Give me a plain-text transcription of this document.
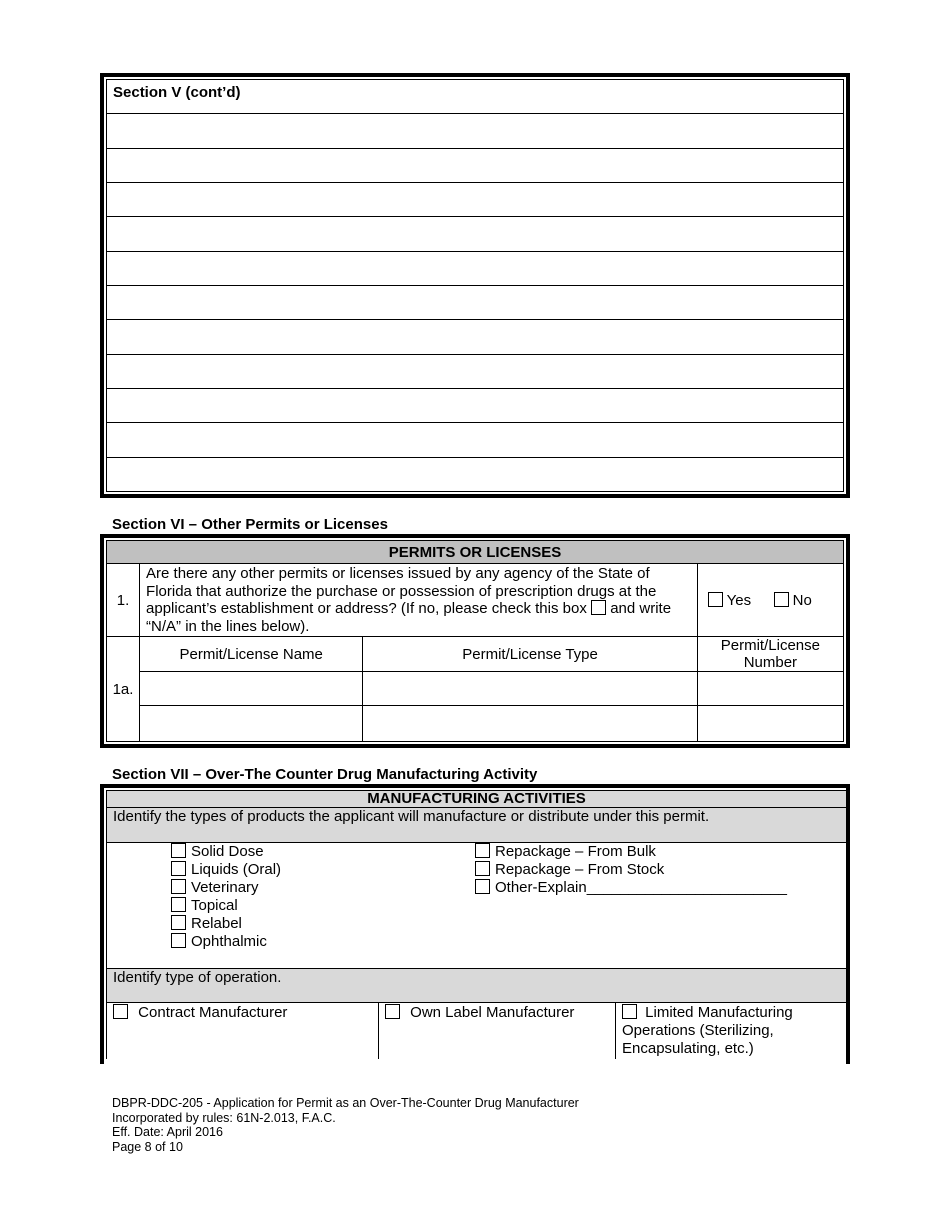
Section V (cont’d)
Section VI – Other Permits or Licenses
PERMITS OR LICENSES			
1.	Are there any other permits or licenses issued by any agency of the State of Florida that authorize the purchase or possession of prescription drugs at the applicant’s establishment or address? (If no, please check this box and write “N/A” in the lines below).		Yes No
1a.	Permit/License Name	Permit/License Type	Permit/License Number

Section VII – Over-The Counter Drug Manufacturing Activity
MANUFACTURING ACTIVITIES
Identify the types of products the applicant will manufacture or distribute under this permit.

Solid Dose
Liquids (Oral)
Veterinary
Topical
Relabel
Ophthalmic
Repackage – From Bulk
Repackage – From Stock
Other-Explain________________________

Identify type of operation.
Contract Manufacturer	Own Label Manufacturer	Limited Manufacturing Operations (Sterilizing, Encapsulating, etc.)
DBPR-DDC-205 - Application for Permit as an Over-The-Counter Drug Manufacturer
Incorporated by rules: 61N-2.013, F.A.C.
Eff. Date: April 2016
Page 8 of 10
